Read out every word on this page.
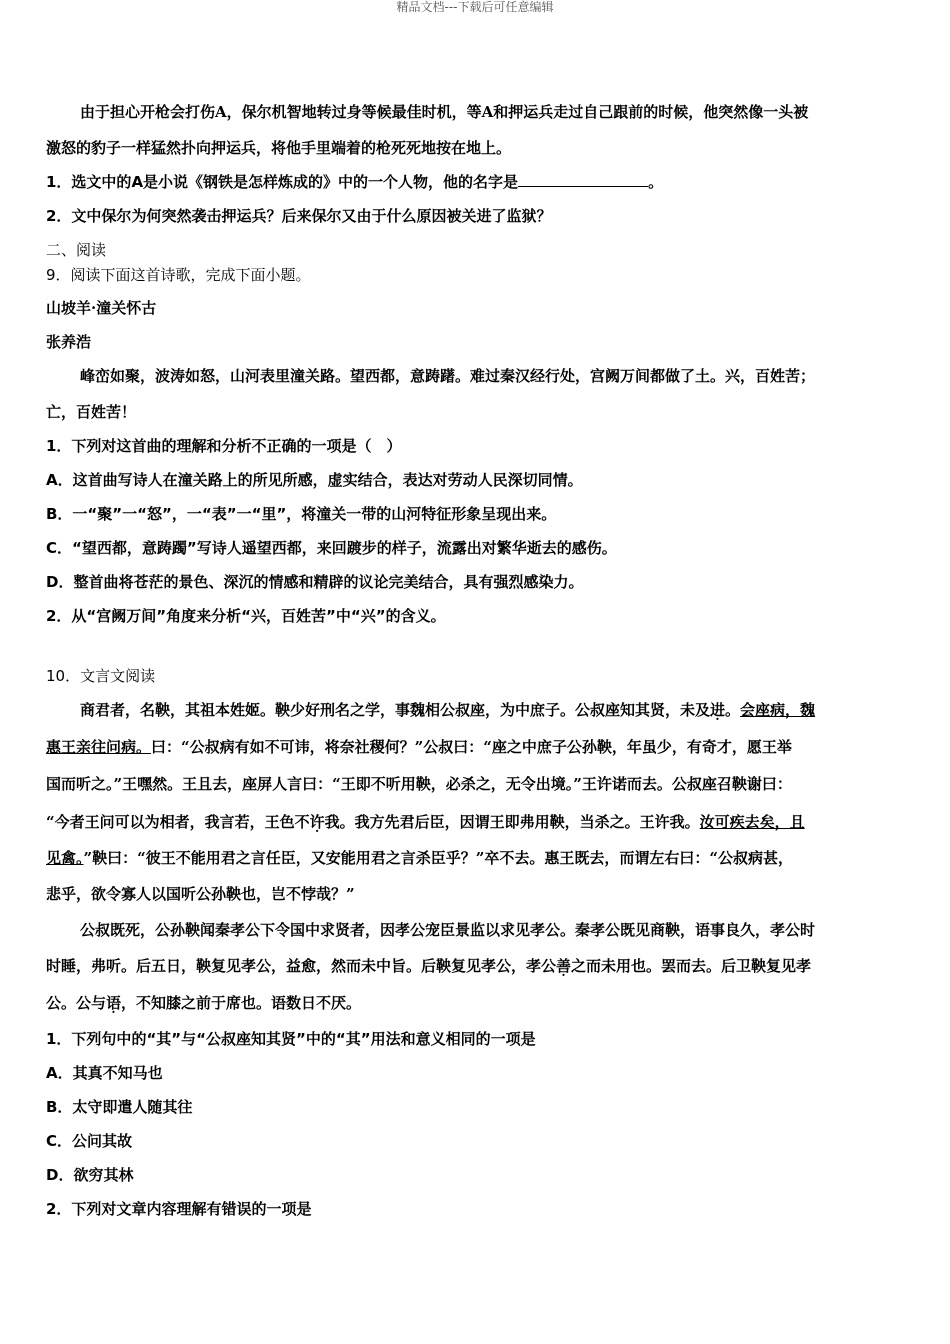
精品文档---下载后可任意编辑
由于担心开枪会打伤A，保尔机智地转过身等候最佳时机，等A和押运兵走过自己跟前的时候，他突然像一头被
激怒的豹子一样猛然扑向押运兵，将他手里端着的枪死死地按在地上。
1．选文中的A是小说《钢铁是怎样炼成的》中的一个人物，他的名字是	。
2．文中保尔为何突然袭击押运兵？后来保尔又由于什么原因被关进了监狱？
二、阅读
9．阅读下面这首诗歌，完成下面小题。
山坡羊·潼关怀古
张养浩
峰峦如聚，波涛如怒，山河表里潼关路。望西都，意踌躇。难过秦汉经行处，宫阙万间都做了土。兴，百姓苦；
亡，百姓苦！
1．下列对这首曲的理解和分析不正确的一项是（　）
A．这首曲写诗人在潼关路上的所见所感，虚实结合，表达对劳动人民深切同情。
B．一“聚”一“怒”，一“表”一“里”，将潼关一带的山河特征形象呈现出来。
C．“望西都，意踌躅”写诗人遥望西都，来回踱步的样子，流露出对繁华逝去的感伤。
D．整首曲将苍茫的景色、深沉的情感和精辟的议论完美结合，具有强烈感染力。
2．从“宫阙万间”角度来分析“兴，百姓苦”中“兴”的含义。
10．文言文阅读
商君者，名鞅，其祖本姓姬。鞅少好刑名之学，事魏相公叔座，为中庶子。公叔座知其贤，未及进。会座病，魏
惠王亲往问病。曰：“公叔病有如不可讳，将奈社稷何？”公叔曰：“座之中庶子公孙鞅，年虽少，有奇才，愿王举
国而听之。”王嘿然。王且去，座屏人言曰：“王即不听用鞅，必杀之，无令出境。”王许诺而去。公叔座召鞅谢曰：
“今者王问可以为相者，我言若，王色不许我。我方先君后臣，因谓王即弗用鞅，当杀之。王许我。汝可疾去矣，且
见禽。”鞅曰：“彼王不能用君之言任臣，又安能用君之言杀臣乎？”卒不去。惠王既去，而谓左右曰：“公叔病甚，
悲乎，欲令寡人以国听公孙鞅也，岂不悖哉？”
公叔既死，公孙鞅闻秦孝公下令国中求贤者，因孝公宠臣景监以求见孝公。秦孝公既见商鞅，语事良久，孝公时
时睡，弗听。后五日，鞅复见孝公，益愈，然而未中旨。后鞅复见孝公，孝公善之而未用也。罢而去。后卫鞅复见孝
公。公与语，不知膝之前于席也。语数日不厌。
1．下列句中的“其”与“公叔座知其贤”中的“其”用法和意义相同的一项是
A．其真不知马也
B．太守即遣人随其往
C．公问其故
D．欲穷其林
2．下列对文章内容理解有错误的一项是
